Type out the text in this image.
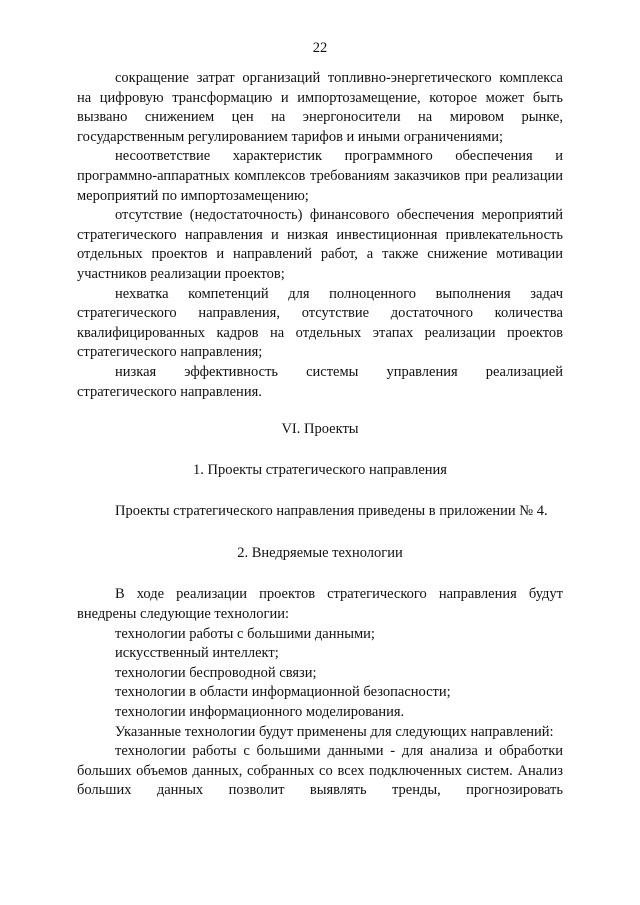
22

сокращение затрат организаций топливно-энергетического комплекса на цифровую трансформацию и импортозамещение, которое может быть вызвано снижением цен на энергоносители на мировом рынке, государственным регулированием тарифов и иными ограничениями;

несоответствие характеристик программного обеспечения и программно-аппаратных комплексов требованиям заказчиков при реализации мероприятий по импортозамещению;

отсутствие (недостаточность) финансового обеспечения мероприятий стратегического направления и низкая инвестиционная привлекательность отдельных проектов и направлений работ, а также снижение мотивации участников реализации проектов;

нехватка компетенций для полноценного выполнения задач стратегического направления, отсутствие достаточного количества квалифицированных кадров на отдельных этапах реализации проектов стратегического направления;

низкая эффективность системы управления реализацией стратегического направления.

VI. Проекты

1. Проекты стратегического направления

Проекты стратегического направления приведены в приложении № 4.

2. Внедряемые технологии

В ходе реализации проектов стратегического направления будут внедрены следующие технологии:

технологии работы с большими данными;

искусственный интеллект;

технологии беспроводной связи;

технологии в области информационной безопасности;

технологии информационного моделирования.

Указанные технологии будут применены для следующих направлений:

технологии работы с большими данными - для анализа и обработки больших объемов данных, собранных со всех подключенных систем. Анализ больших данных позволит выявлять тренды, прогнозировать
